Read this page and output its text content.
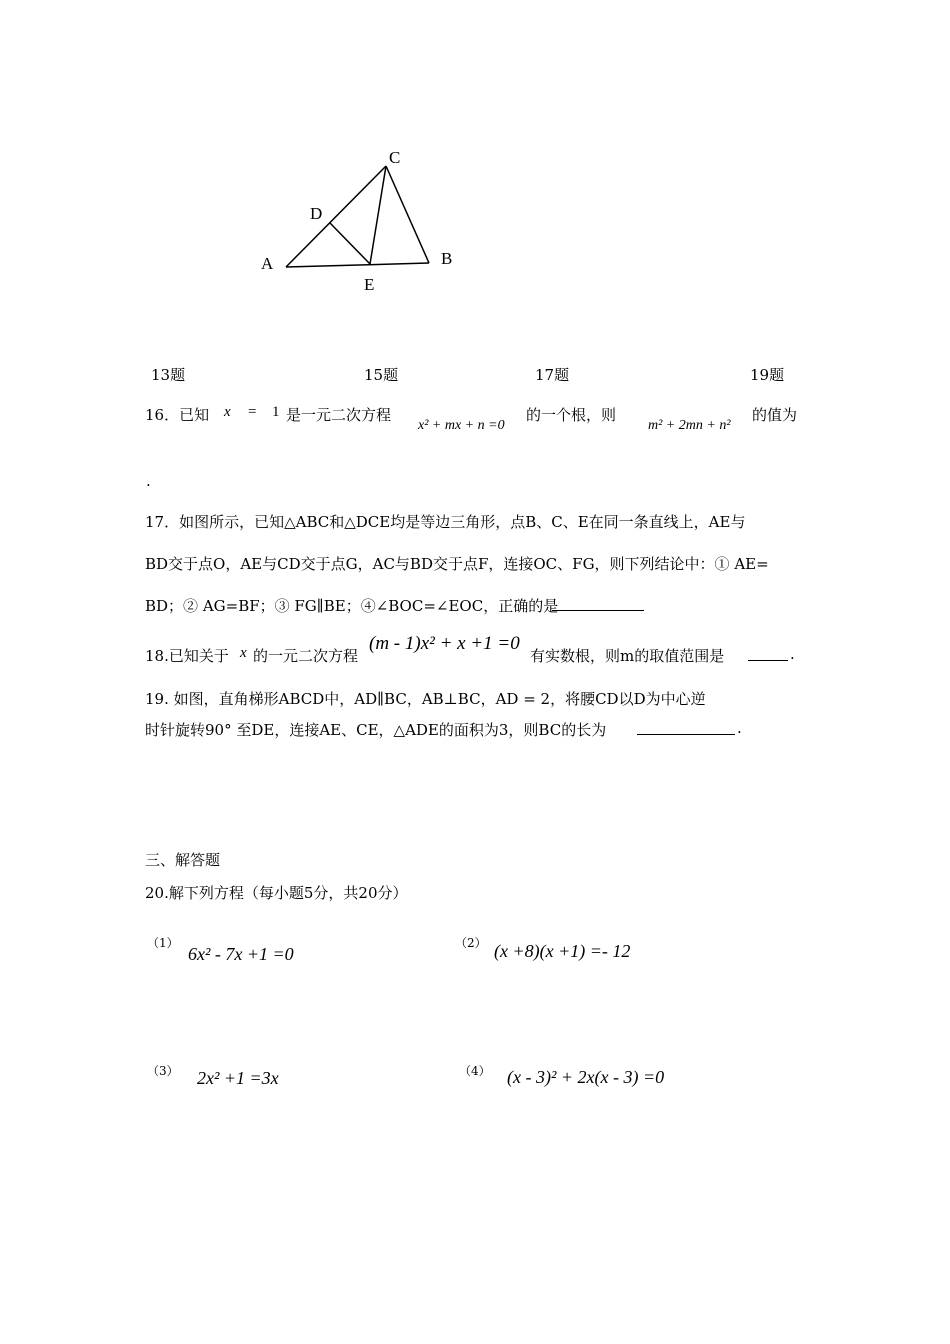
C
D
A	B
E
13题	15题	17题	19题
16．已知 x = 1 是一元二次方程
x² + mx + n =0
的一个根，则
m² + 2mn + n²
的值为
.
17．如图所示，已知△ABC和△DCE均是等边三角形，点B、C、E在同一条直线上，AE与
BD交于点O，AE与CD交于点G，AC与BD交于点F，连接OC、FG，则下列结论中：① AE=
BD；② AG=BF；③ FG∥BE；④∠BOC=∠EOC，正确的是
18.已知关于 x 的一元二次方程
(m - 1)x² + x +1 =0
有实数根，则m的取值范围是	.
19. 如图，直角梯形ABCD中，AD∥BC，AB⊥BC，AD = 2，将腰CD以D为中心逆
时针旋转90° 至DE，连接AE、CE，△ADE的面积为3，则BC的长为	.
三、解答题
20.解下列方程（每小题5分，共20分）
（1）
6x² - 7x +1 =0
（2） (x +8)(x +1) =- 12
（3） 2x² +1 =3x	（4） (x - 3)² + 2x(x - 3) =0
